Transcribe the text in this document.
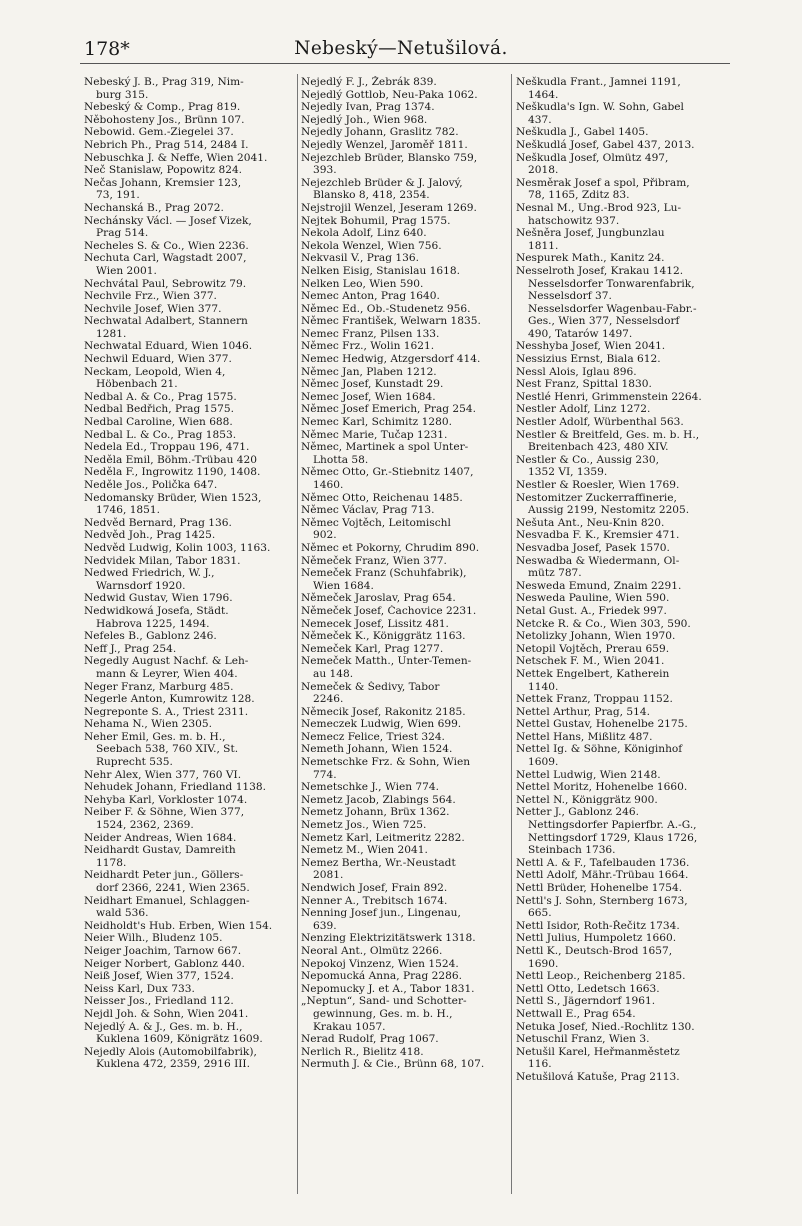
178*	Nebeský—Netušilová.
Nebeský J. B., Prag 319, Nim-
burg 315.
Nebeský & Comp., Prag 819.
Něbohosteny Jos., Brünn 107.
Nebowid. Gem.-Ziegelei 37.
Nebrich Ph., Prag 514, 2484 I.
Nebuschka J. & Neffe, Wien 2041.
Neč Stanislaw, Popowitz 824.
Nečas Johann, Kremsier 123,
73, 191.
Nechanská B., Prag 2072.
Nechánsky Václ. — Josef Vizek,
Prag 514.
Necheles S. & Co., Wien 2236.
Nechuta Carl, Wagstadt 2007,
Wien 2001.
Nechvátal Paul, Sebrowitz 79.
Nechvile Frz., Wien 377.
Nechvile Josef, Wien 377.
Nechwatal Adalbert, Stannern
1281.
Nechwatal Eduard, Wien 1046.
Nechwil Eduard, Wien 377.
Neckam, Leopold, Wien 4,
Höbenbach 21.
Nedbal A. & Co., Prag 1575.
Nedbal Bedřich, Prag 1575.
Nedbal Caroline, Wien 688.
Nedbal L. & Co., Prag 1853.
Nedela Ed., Troppau 196, 471.
Neděla Emil, Böhm.-Trübau 420
Neděla F., Ingrowitz 1190, 1408.
Neděle Jos., Polička 647.
Nedomansky Brüder, Wien 1523,
1746, 1851.
Nedvěd Bernard, Prag 136.
Nedvěd Joh., Prag 1425.
Nedvěd Ludwig, Kolin 1003, 1163.
Nedvidek Milan, Tabor 1831.
Nedwed Friedrich, W. J.,
Warnsdorf 1920.
Nedwid Gustav, Wien 1796.
Nedwidkowá Josefa, Städt.
Habrova 1225, 1494.
Nefeles B., Gablonz 246.
Neff J., Prag 254.
Negedly August Nachf. & Leh-
mann & Leyrer, Wien 404.
Neger Franz, Marburg 485.
Negerle Anton, Kumrowitz 128.
Negreponte S. A., Triest 2311.
Nehama N., Wien 2305.
Neher Emil, Ges. m. b. H.,
Seebach 538, 760 XIV., St.
Ruprecht 535.
Nehr Alex, Wien 377, 760 VI.
Nehudek Johann, Friedland 1138.
Nehyba Karl, Vorkloster 1074.
Neiber F. & Söhne, Wien 377,
1524, 2362, 2369.
Neider Andreas, Wien 1684.
Neidhardt Gustav, Damreith
1178.
Neidhardt Peter jun., Göllers-
dorf 2366, 2241, Wien 2365.
Neidhart Emanuel, Schlaggen-
wald 536.
Neidholdt's Hub. Erben, Wien 154.
Neier Wilh., Bludenz 105.
Neiger Joachim, Tarnow 667.
Neiger Norbert, Gablonz 440.
Neiß Josef, Wien 377, 1524.
Neiss Karl, Dux 733.
Neisser Jos., Friedland 112.
Nejdl Joh. & Sohn, Wien 2041.
Nejedlý A. & J., Ges. m. b. H.,
Kuklena 1609, Königrätz 1609.
Nejedly Alois (Automobilfabrik),
Kuklena 472, 2359, 2916 III.
Nejedlý F. J., Žebrák 839.
Nejedlý Gottlob, Neu-Paka 1062.
Nejedly Ivan, Prag 1374.
Nejedlý Joh., Wien 968.
Nejedly Johann, Graslitz 782.
Nejedly Wenzel, Jaroměř 1811.
Nejezchleb Brüder, Blansko 759,
393.
Nejezchleb Brüder & J. Jalový,
Blansko 8, 418, 2354.
Nejstrojil Wenzel, Jeseram 1269.
Nejtek Bohumil, Prag 1575.
Nekola Adolf, Linz 640.
Nekola Wenzel, Wien 756.
Nekvasil V., Prag 136.
Nelken Eisig, Stanislau 1618.
Nelken Leo, Wien 590.
Nemec Anton, Prag 1640.
Němec Ed., Ob.-Studenetz 956.
Němec František, Welwarn 1835.
Nemec Franz, Pilsen 133.
Němec Frz., Wolin 1621.
Nemec Hedwig, Atzgersdorf 414.
Němec Jan, Plaben 1212.
Němec Josef, Kunstadt 29.
Nemec Josef, Wien 1684.
Němec Josef Emerich, Prag 254.
Nemec Karl, Schimitz 1280.
Němec Marie, Tučap 1231.
Němec, Martinek a spol Unter-
Lhotta 58.
Němec Otto, Gr.-Stiebnitz 1407,
1460.
Němec Otto, Reichenau 1485.
Němec Václav, Prag 713.
Němec Vojtěch, Leitomischl
902.
Němec et Pokorny, Chrudim 890.
Němeček Franz, Wien 377.
Nemeček Franz (Schuhfabrik),
Wien 1684.
Němeček Jaroslav, Prag 654.
Němeček Josef, Čachovice 2231.
Nemecek Josef, Lissitz 481.
Němeček K., Königgrätz 1163.
Nemeček Karl, Prag 1277.
Nemeček Matth., Unter-Temen-
au 148.
Nemeček & Šedivy, Tabor
2246.
Němecik Josef, Rakonitz 2185.
Nemeczek Ludwig, Wien 699.
Nemecz Felice, Triest 324.
Nemeth Johann, Wien 1524.
Nemetschke Frz. & Sohn, Wien
774.
Nemetschke J., Wien 774.
Nemetz Jacob, Zlabings 564.
Nemetz Johann, Brüx 1362.
Nemetz Jos., Wien 725.
Nemetz Karl, Leitmeritz 2282.
Nemetz M., Wien 2041.
Nemez Bertha, Wr.-Neustadt
2081.
Nendwich Josef, Frain 892.
Nenner A., Trebitsch 1674.
Nenning Josef jun., Lingenau,
639.
Nenzing Elektrizitätswerk 1318.
Neoral Ant., Olmütz 2266.
Nepokoj Vinzenz, Wien 1524.
Nepomucká Anna, Prag 2286.
Nepomucky J. et A., Tabor 1831.
„Neptun“, Sand- und Schotter-
gewinnung, Ges. m. b. H.,
Krakau 1057.
Nerad Rudolf, Prag 1067.
Nerlich R., Bielitz 418.
Nermuth J. & Cie., Brünn 68, 107.
Neškudla Frant., Jamnei 1191,
1464.
Neškudla's Ign. W. Sohn, Gabel
437.
Neškudla J., Gabel 1405.
Neškudlá Josef, Gabel 437, 2013.
Neškudla Josef, Olmütz 497,
2018.
Nesměrak Josef a spol, Přibram,
78, 1165, Zditz 83.
Nesnal M., Ung.-Brod 923, Lu-
hatschowitz 937.
Nešněra Josef, Jungbunzlau
1811.
Nespurek Math., Kanitz 24.
Nesselroth Josef, Krakau 1412.
Nesselsdorfer Tonwarenfabrik,
Nesselsdorf 37.
Nesselsdorfer Wagenbau-Fabr.-
Ges., Wien 377, Nesselsdorf
490, Tatarów 1497.
Nesshyba Josef, Wien 2041.
Nessizius Ernst, Biala 612.
Nessl Alois, Iglau 896.
Nest Franz, Spittal 1830.
Nestlé Henri, Grimmenstein 2264.
Nestler Adolf, Linz 1272.
Nestler Adolf, Würbenthal 563.
Nestler & Breitfeld, Ges. m. b. H.,
Breitenbach 423, 480 XIV.
Nestler & Co., Aussig 230,
1352 VI, 1359.
Nestler & Roesler, Wien 1769.
Nestomitzer Zuckerraffinerie,
Aussig 2199, Nestomitz 2205.
Nešuta Ant., Neu-Knin 820.
Nesvadba F. K., Kremsier 471.
Nesvadba Josef, Pasek 1570.
Neswadba & Wiedermann, Ol-
mütz 787.
Nesweda Emund, Znaim 2291.
Nesweda Pauline, Wien 590.
Netal Gust. A., Friedek 997.
Netcke R. & Co., Wien 303, 590.
Netolizky Johann, Wien 1970.
Netopil Vojtěch, Prerau 659.
Netschek F. M., Wien 2041.
Nettek Engelbert, Katherein
1140.
Nettek Franz, Troppau 1152.
Nettel Arthur, Prag, 514.
Nettel Gustav, Hohenelbe 2175.
Nettel Hans, Mißlitz 487.
Nettel Ig. & Söhne, Königinhof
1609.
Nettel Ludwig, Wien 2148.
Nettel Moritz, Hohenelbe 1660.
Nettel N., Königgrätz 900.
Netter J., Gablonz 246.
Nettingsdorfer Papierfbr. A.-G.,
Nettingsdorf 1729, Klaus 1726,
Steinbach 1736.
Nettl A. & F., Tafelbauden 1736.
Nettl Adolf, Mähr.-Trübau 1664.
Nettl Brüder, Hohenelbe 1754.
Nettl's J. Sohn, Sternberg 1673,
665.
Nettl Isidor, Roth-Řečitz 1734.
Nettl Julius, Humpoletz 1660.
Nettl K., Deutsch-Brod 1657,
1690.
Nettl Leop., Reichenberg 2185.
Nettl Otto, Ledetsch 1663.
Nettl S., Jägerndorf 1961.
Nettwall E., Prag 654.
Netuka Josef, Nied.-Rochlitz 130.
Netuschil Franz, Wien 3.
Netušil Karel, Heřmanměstetz
116.
Netušilová Katuše, Prag 2113.
